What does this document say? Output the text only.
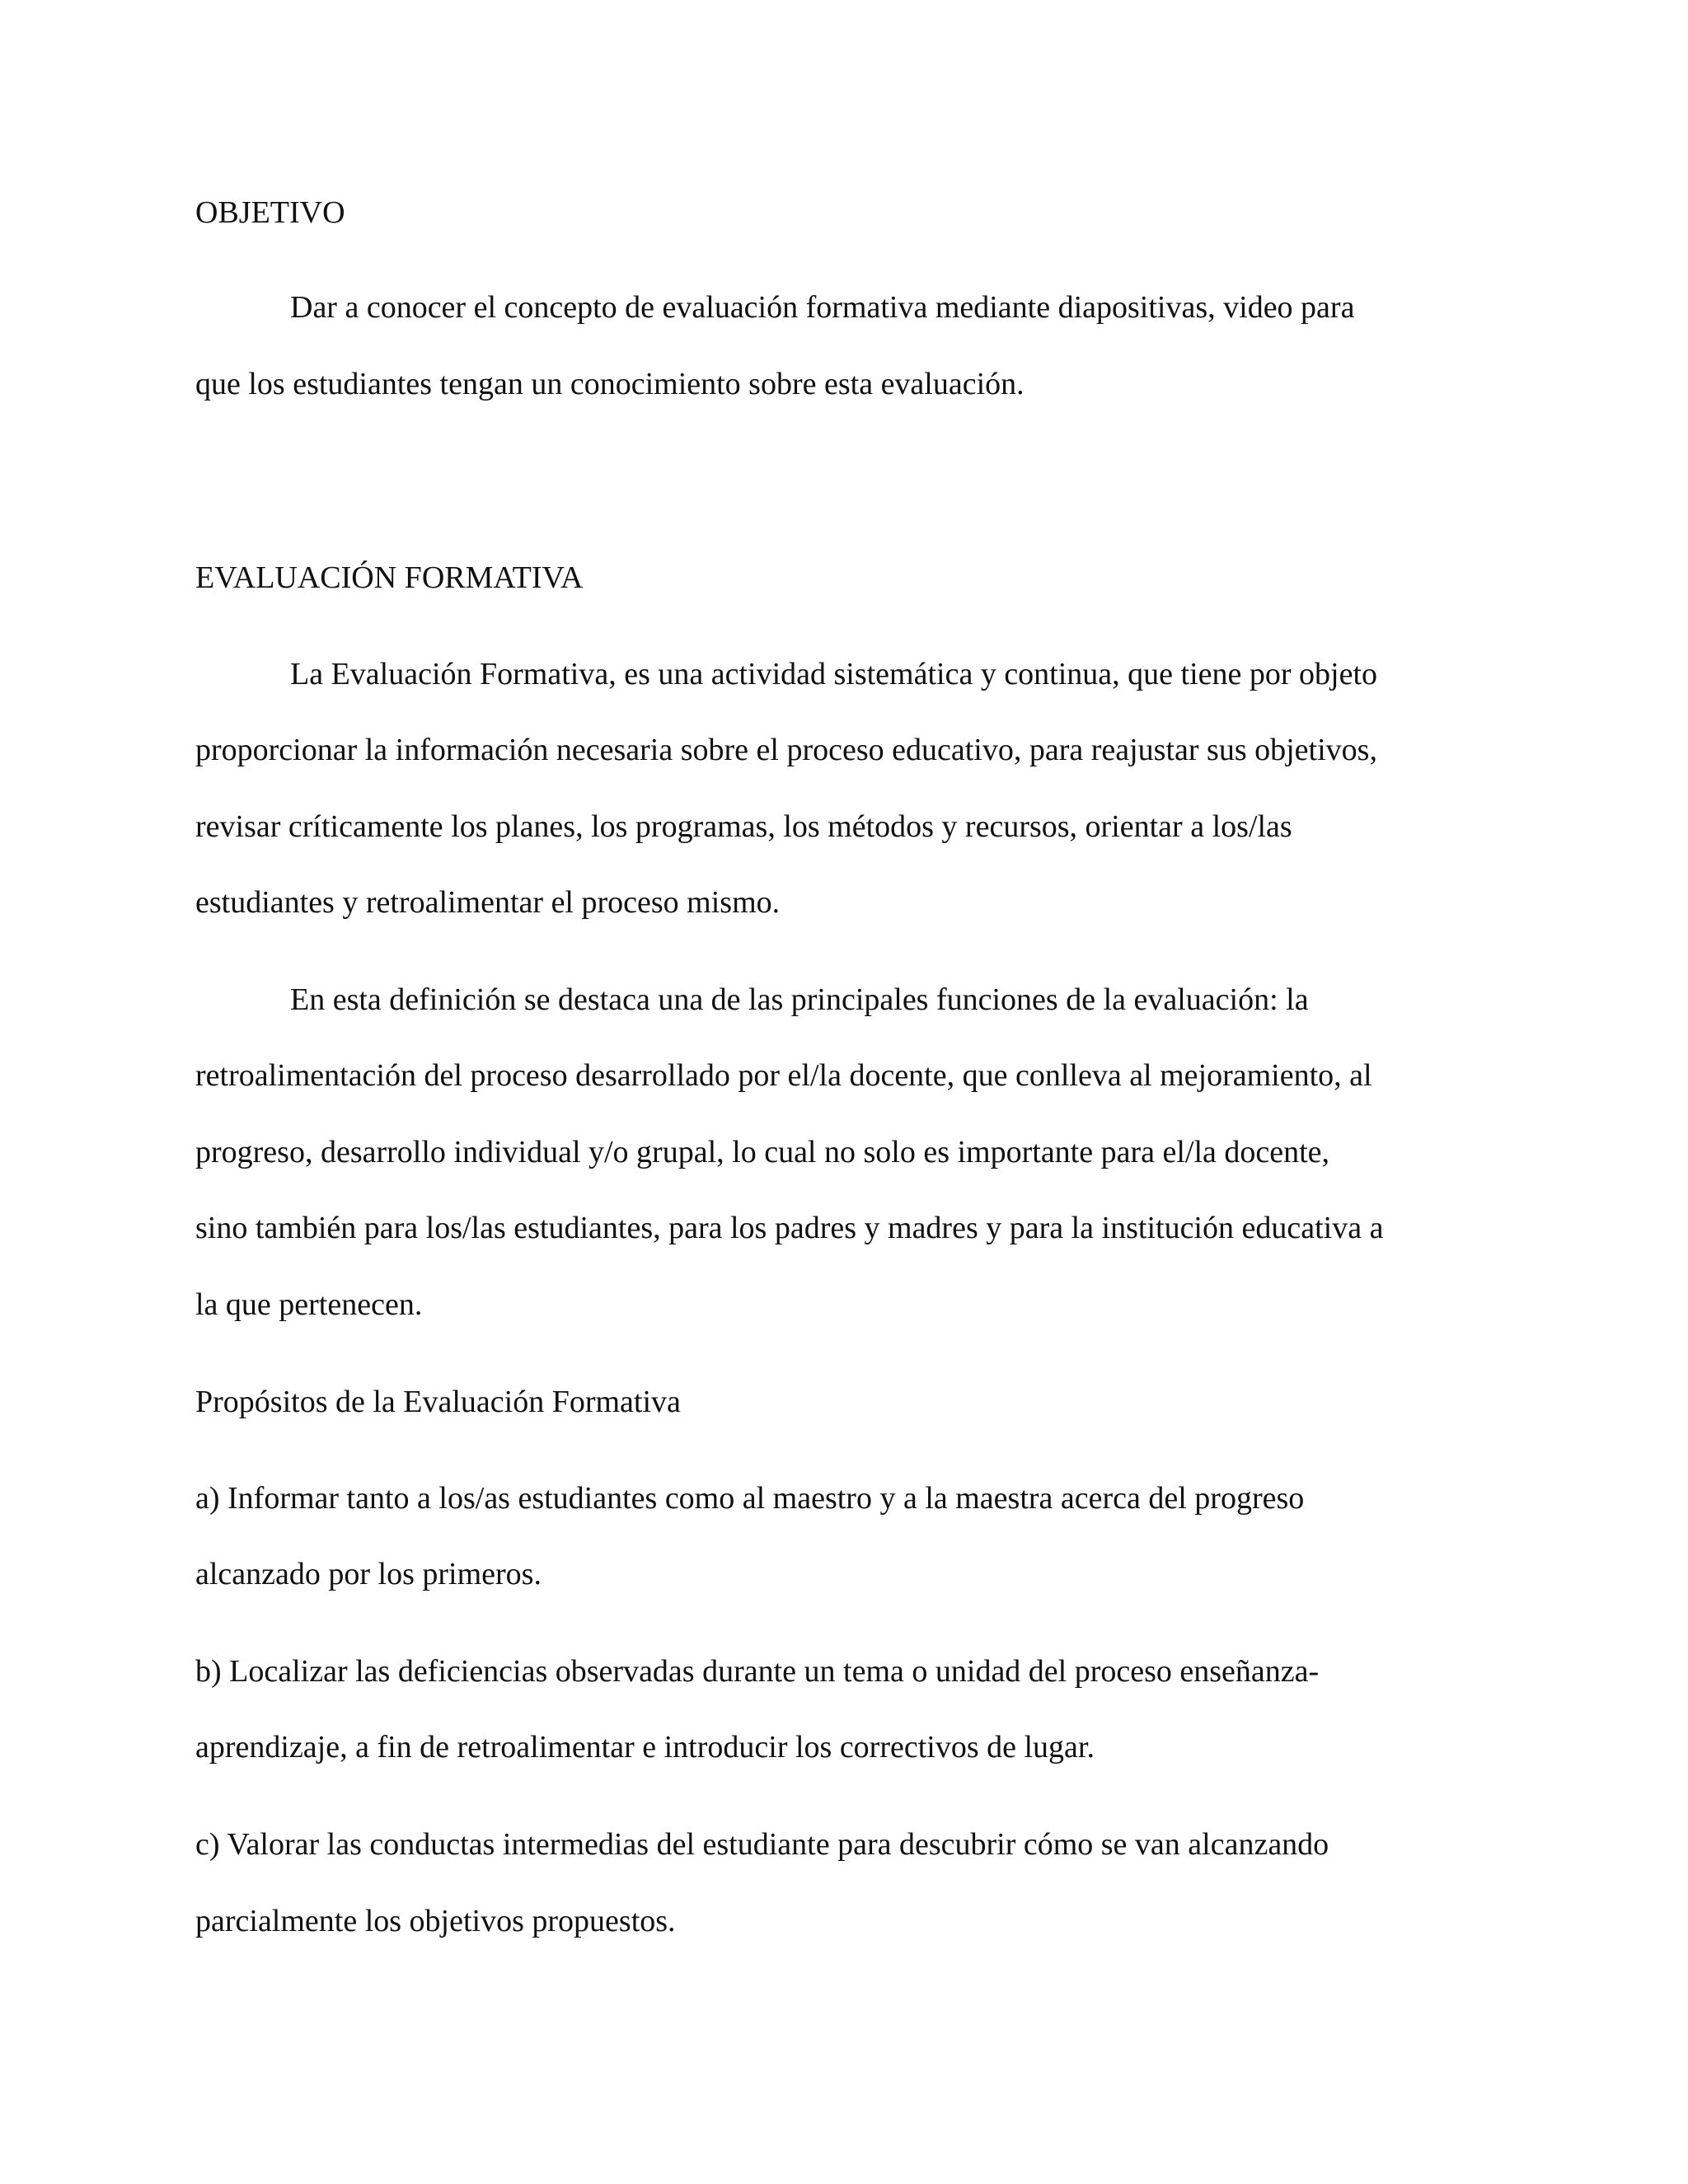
OBJETIVO

Dar a conocer el concepto de evaluación formativa mediante diapositivas, video para

que los estudiantes tengan un conocimiento sobre esta evaluación.

EVALUACIÓN FORMATIVA

La Evaluación Formativa, es una actividad sistemática y continua, que tiene por objeto

proporcionar la información necesaria sobre el proceso educativo, para reajustar sus objetivos,

revisar críticamente los planes, los programas, los métodos y recursos, orientar a los/las

estudiantes y retroalimentar el proceso mismo.

En esta definición se destaca una de las principales funciones de la evaluación: la

retroalimentación del proceso desarrollado por el/la docente, que conlleva al mejoramiento, al

progreso, desarrollo individual y/o grupal, lo cual no solo es importante para el/la docente,

sino también para los/las estudiantes, para los padres y madres y para la institución educativa a

la que pertenecen.

Propósitos de la Evaluación Formativa

a) Informar tanto a los/as estudiantes como al maestro y a la maestra acerca del progreso

alcanzado por los primeros.

b) Localizar las deficiencias observadas durante un tema o unidad del proceso enseñanza-

aprendizaje, a fin de retroalimentar e introducir los correctivos de lugar.

c) Valorar las conductas intermedias del estudiante para descubrir cómo se van alcanzando

parcialmente los objetivos propuestos.
